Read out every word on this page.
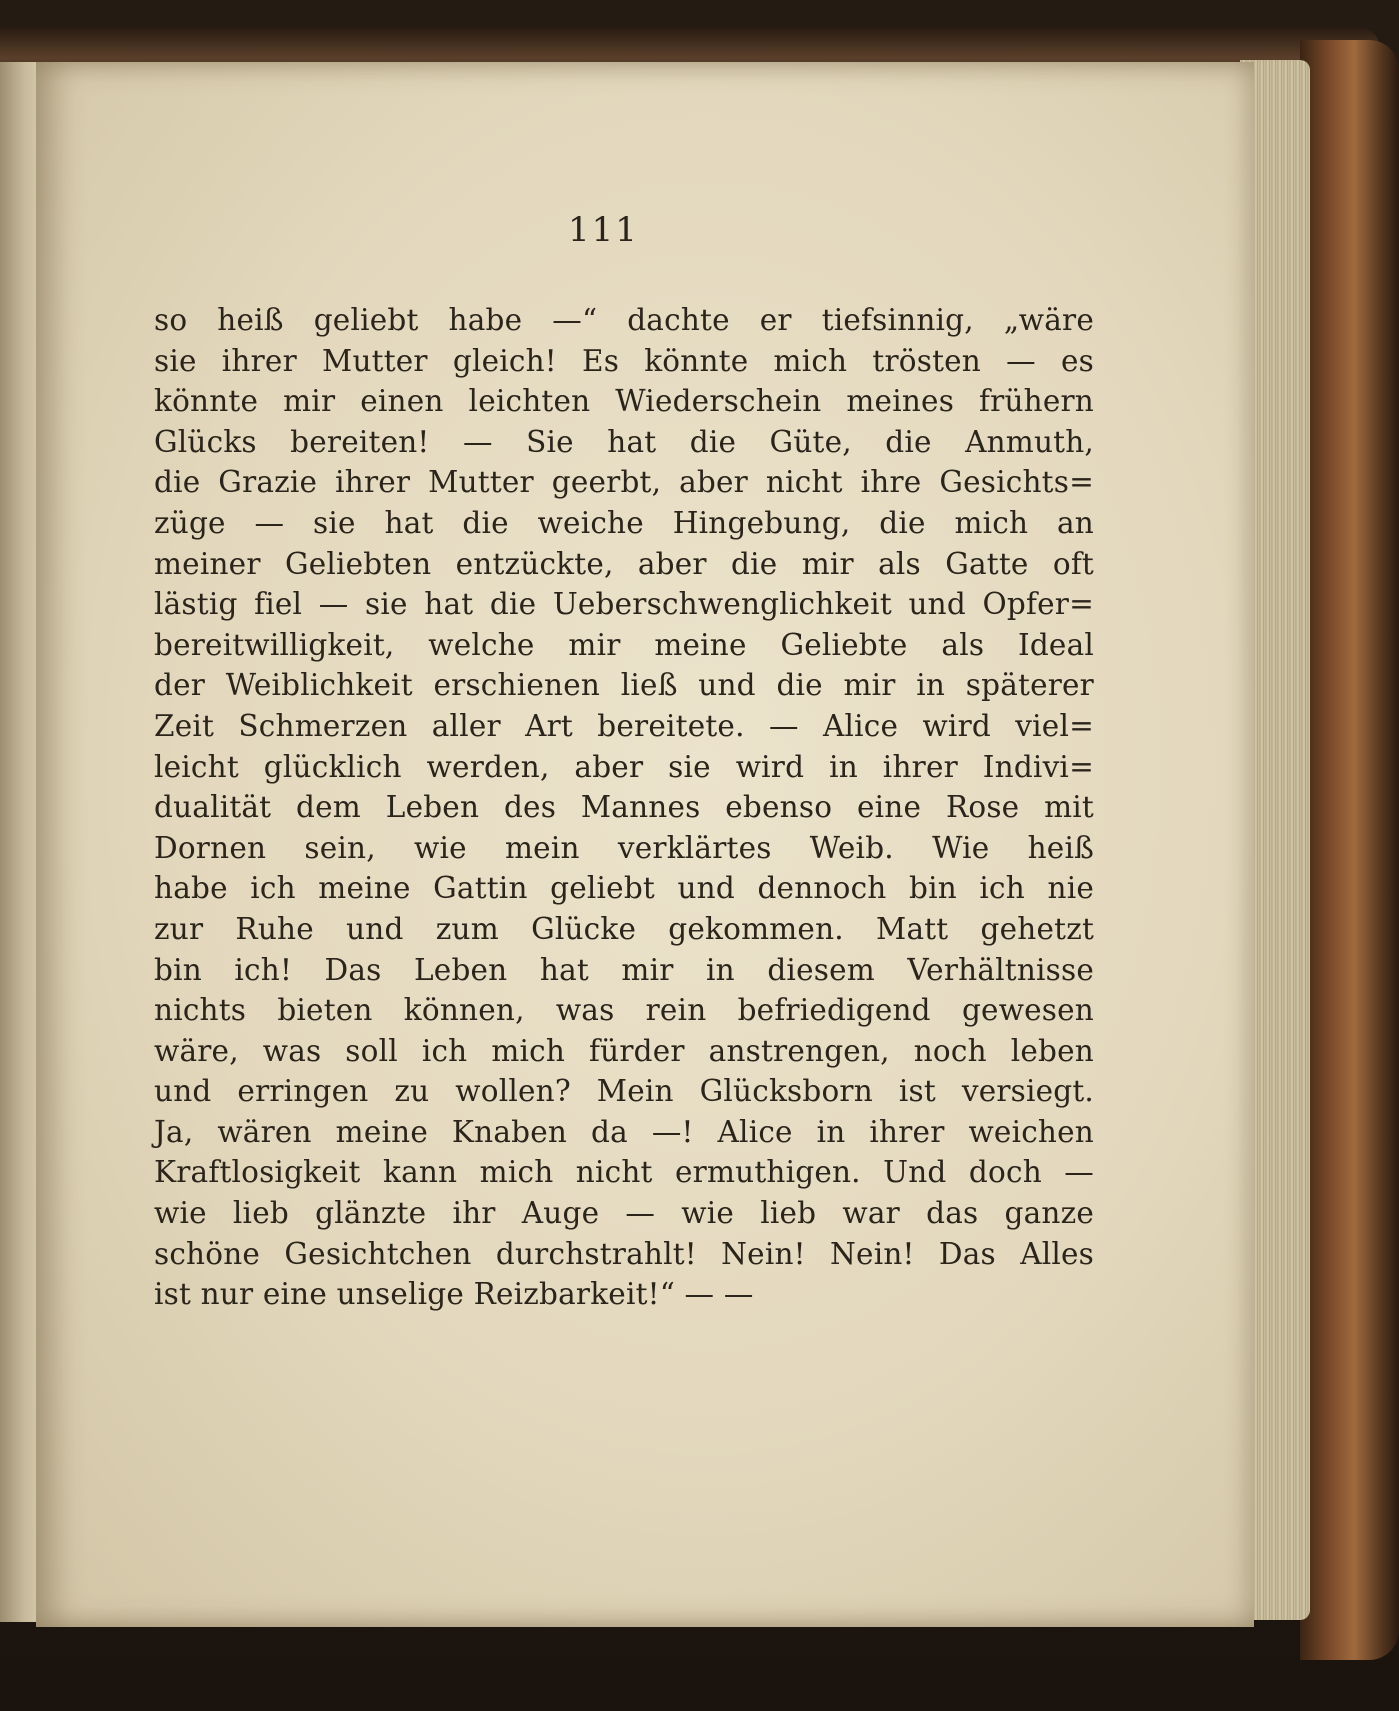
111
so heiß geliebt habe —“ dachte er tiefsinnig, „wäre
sie ihrer Mutter gleich! Es könnte mich trösten — es
könnte mir einen leichten Wiederschein meines frühern
Glücks bereiten! — Sie hat die Güte, die Anmuth,
die Grazie ihrer Mutter geerbt, aber nicht ihre Gesichts=
züge — sie hat die weiche Hingebung, die mich an
meiner Geliebten entzückte, aber die mir als Gatte oft
lästig fiel — sie hat die Ueberschwenglichkeit und Opfer=
bereitwilligkeit, welche mir meine Geliebte als Ideal
der Weiblichkeit erschienen ließ und die mir in späterer
Zeit Schmerzen aller Art bereitete. — Alice wird viel=
leicht glücklich werden, aber sie wird in ihrer Indivi=
dualität dem Leben des Mannes ebenso eine Rose mit
Dornen sein, wie mein verklärtes Weib. Wie heiß
habe ich meine Gattin geliebt und dennoch bin ich nie
zur Ruhe und zum Glücke gekommen. Matt gehetzt
bin ich! Das Leben hat mir in diesem Verhältnisse
nichts bieten können, was rein befriedigend gewesen
wäre, was soll ich mich fürder anstrengen, noch leben
und erringen zu wollen? Mein Glücksborn ist versiegt.
Ja, wären meine Knaben da —! Alice in ihrer weichen
Kraftlosigkeit kann mich nicht ermuthigen. Und doch —
wie lieb glänzte ihr Auge — wie lieb war das ganze
schöne Gesichtchen durchstrahlt! Nein! Nein! Das Alles
ist nur eine unselige Reizbarkeit!“ — —
